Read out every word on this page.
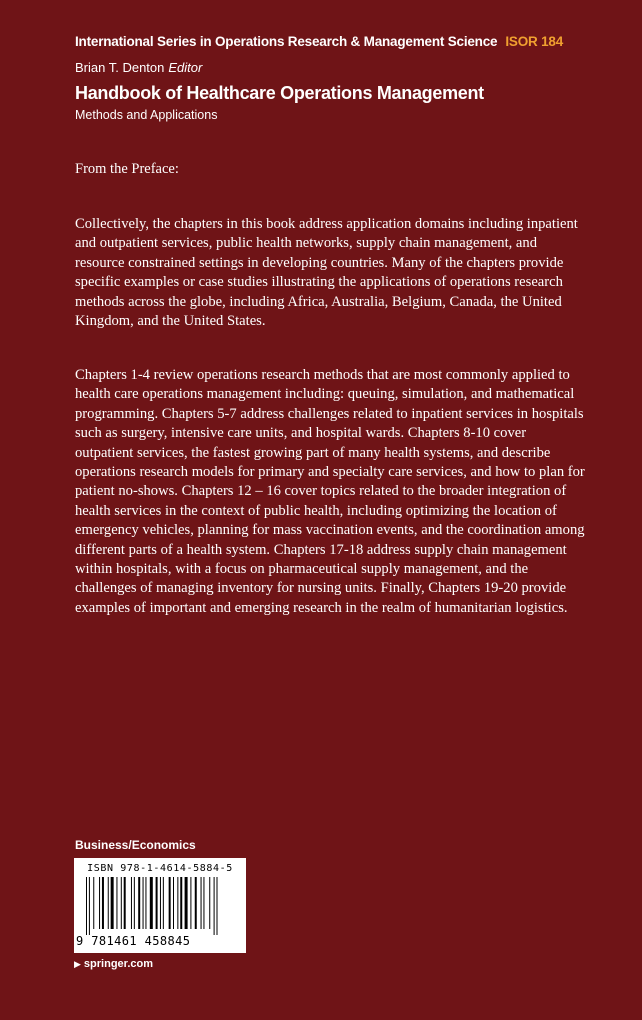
International Series in Operations Research & Management Science ISOR 184
Brian T. Denton Editor
Handbook of Healthcare Operations Management
Methods and Applications
From the Preface:

Collectively, the chapters in this book address application domains including inpatient and outpatient services, public health networks, supply chain management, and resource constrained settings in developing countries. Many of the chapters provide specific examples or case studies illustrating the applications of operations research methods across the globe, including Africa, Australia, Belgium, Canada, the United Kingdom, and the United States.

Chapters 1-4 review operations research methods that are most commonly applied to health care operations management including: queuing, simulation, and mathematical programming. Chapters 5-7 address challenges related to inpatient services in hospitals such as surgery, intensive care units, and hospital wards. Chapters 8-10 cover outpatient services, the fastest growing part of many health systems, and describe operations research models for primary and specialty care services, and how to plan for patient no-shows. Chapters 12 – 16 cover topics related to the broader integration of health services in the context of public health, including optimizing the location of emergency vehicles, planning for mass vaccination events, and the coordination among different parts of a health system. Chapters 17-18 address supply chain management within hospitals, with a focus on pharmaceutical supply management, and the challenges of managing inventory for nursing units. Finally, Chapters 19-20 provide examples of important and emerging research in the realm of humanitarian logistics.

Business/Economics
ISBN 978-1-4614-5884-5
9 781461 458845
▶ springer.com
